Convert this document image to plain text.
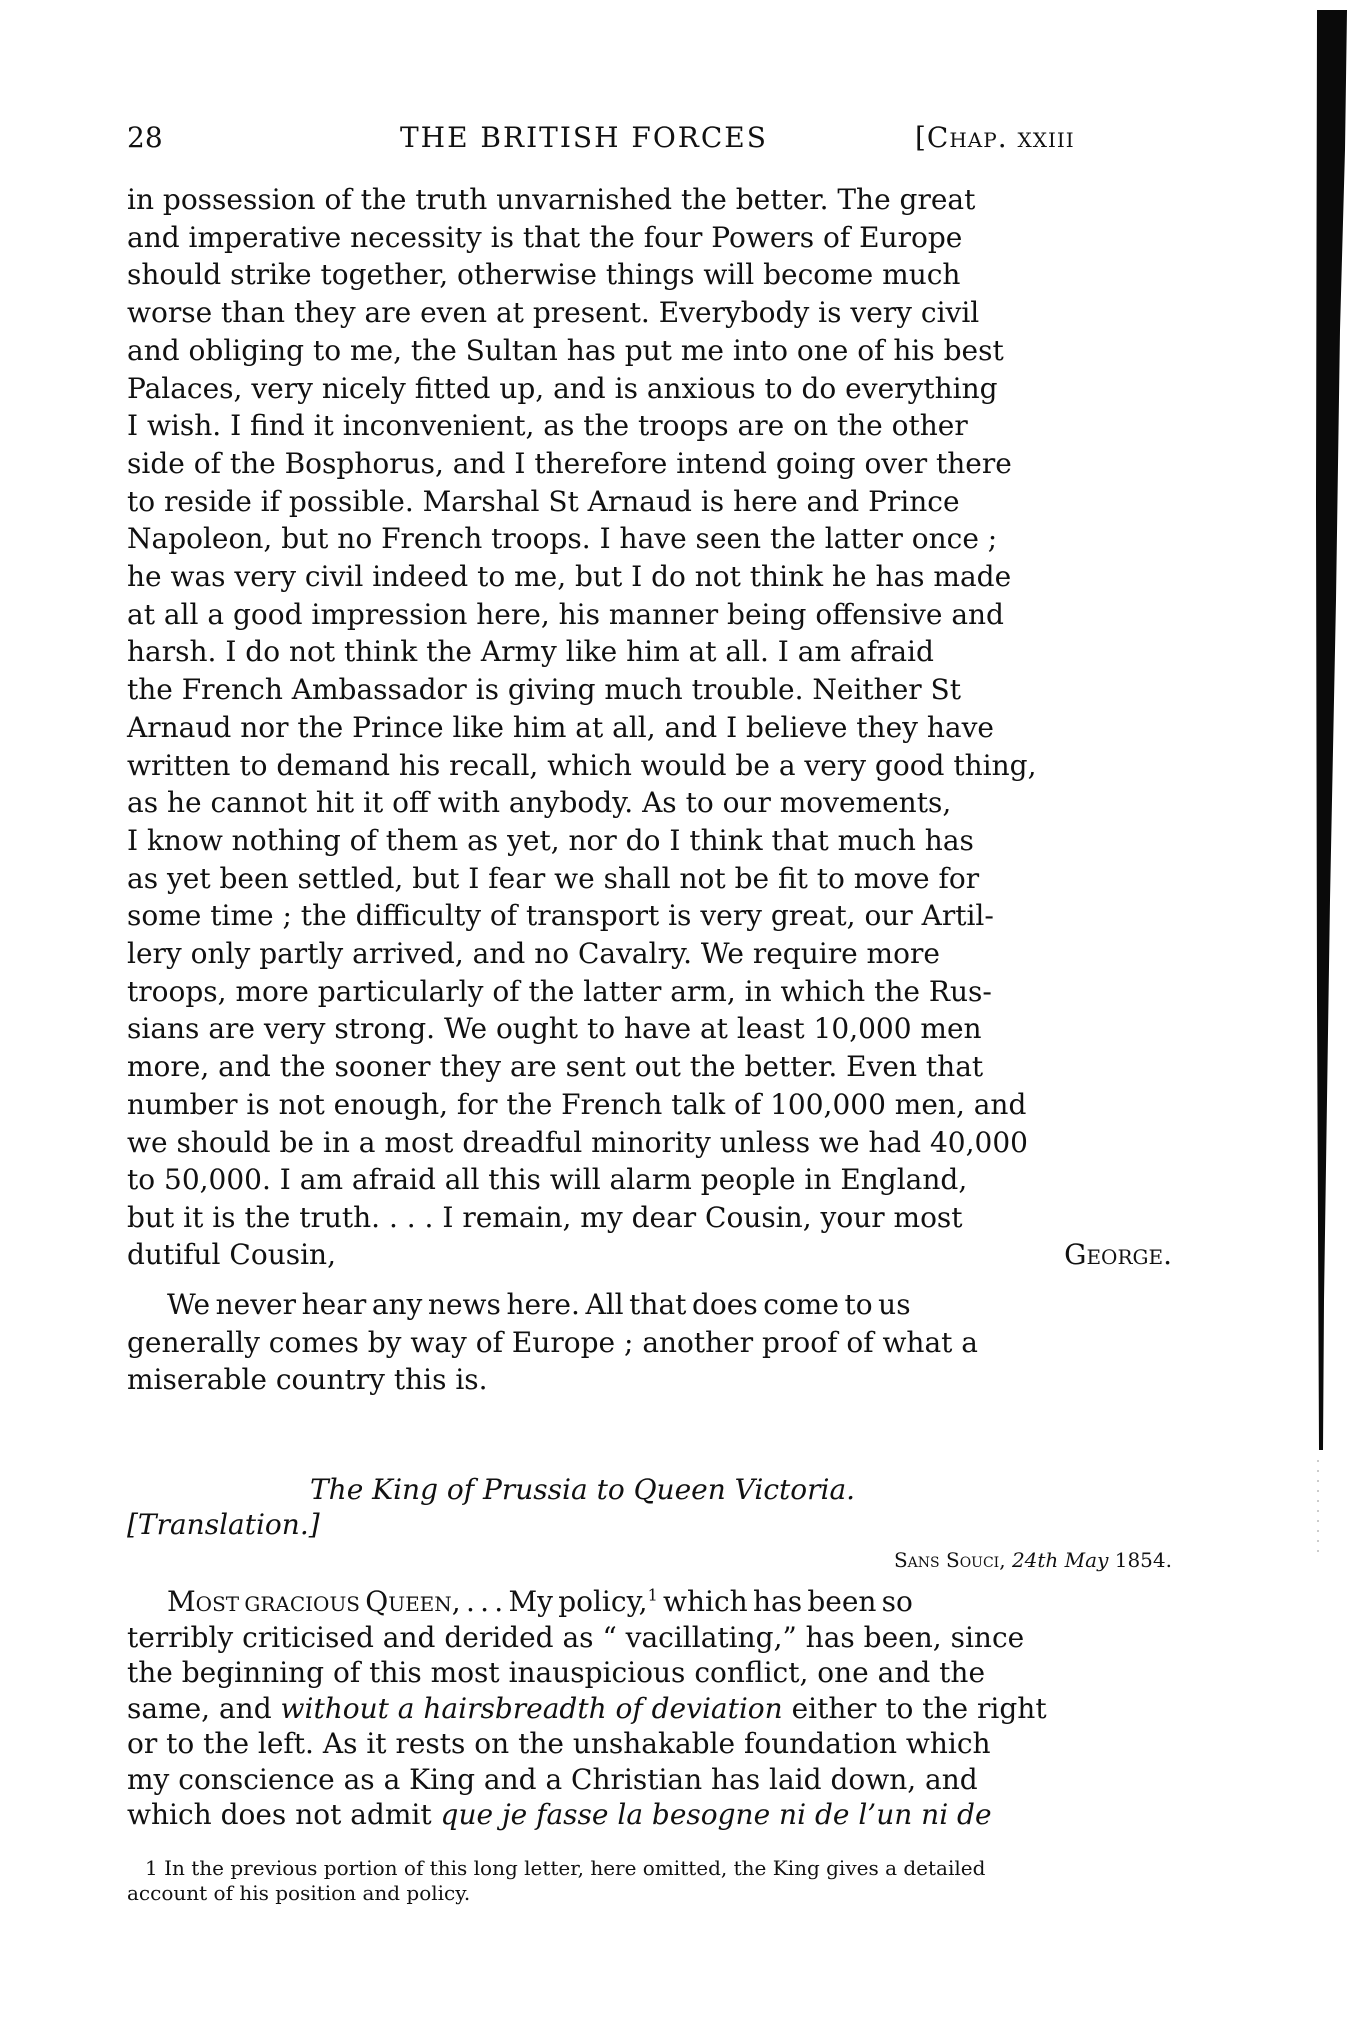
28	THE BRITISH FORCES	[Chap. xxiii
in possession of the truth unvarnished the better. The great
and imperative necessity is that the four Powers of Europe
should strike together, otherwise things will become much
worse than they are even at present. Everybody is very civil
and obliging to me, the Sultan has put me into one of his best
Palaces, very nicely fitted up, and is anxious to do everything
I wish. I find it inconvenient, as the troops are on the other
side of the Bosphorus, and I therefore intend going over there
to reside if possible. Marshal St Arnaud is here and Prince
Napoleon, but no French troops. I have seen the latter once ;
he was very civil indeed to me, but I do not think he has made
at all a good impression here, his manner being offensive and
harsh. I do not think the Army like him at all. I am afraid
the French Ambassador is giving much trouble. Neither St
Arnaud nor the Prince like him at all, and I believe they have
written to demand his recall, which would be a very good thing,
as he cannot hit it off with anybody. As to our movements,
I know nothing of them as yet, nor do I think that much has
as yet been settled, but I fear we shall not be fit to move for
some time ; the difficulty of transport is very great, our Artil-
lery only partly arrived, and no Cavalry. We require more
troops, more particularly of the latter arm, in which the Rus-
sians are very strong. We ought to have at least 10,000 men
more, and the sooner they are sent out the better. Even that
number is not enough, for the French talk of 100,000 men, and
we should be in a most dreadful minority unless we had 40,000
to 50,000. I am afraid all this will alarm people in England,
but it is the truth. . . . I remain, my dear Cousin, your most
dutiful Cousin,	George.
We never hear any news here. All that does come to us
generally comes by way of Europe ; another proof of what a
miserable country this is.
The King of Prussia to Queen Victoria.
[Translation.]
Sans Souci, 24th May 1854.
Most gracious Queen, . . . My policy,$^1$ which has been so
terribly criticised and derided as “ vacillating,” has been, since
the beginning of this most inauspicious conflict, one and the
same, and without a hairsbreadth of deviation either to the right
or to the left. As it rests on the unshakable foundation which
my conscience as a King and a Christian has laid down, and
which does not admit que je fasse la besogne ni de l’un ni de
1 In the previous portion of this long letter, here omitted, the King gives a detailed
account of his position and policy.
